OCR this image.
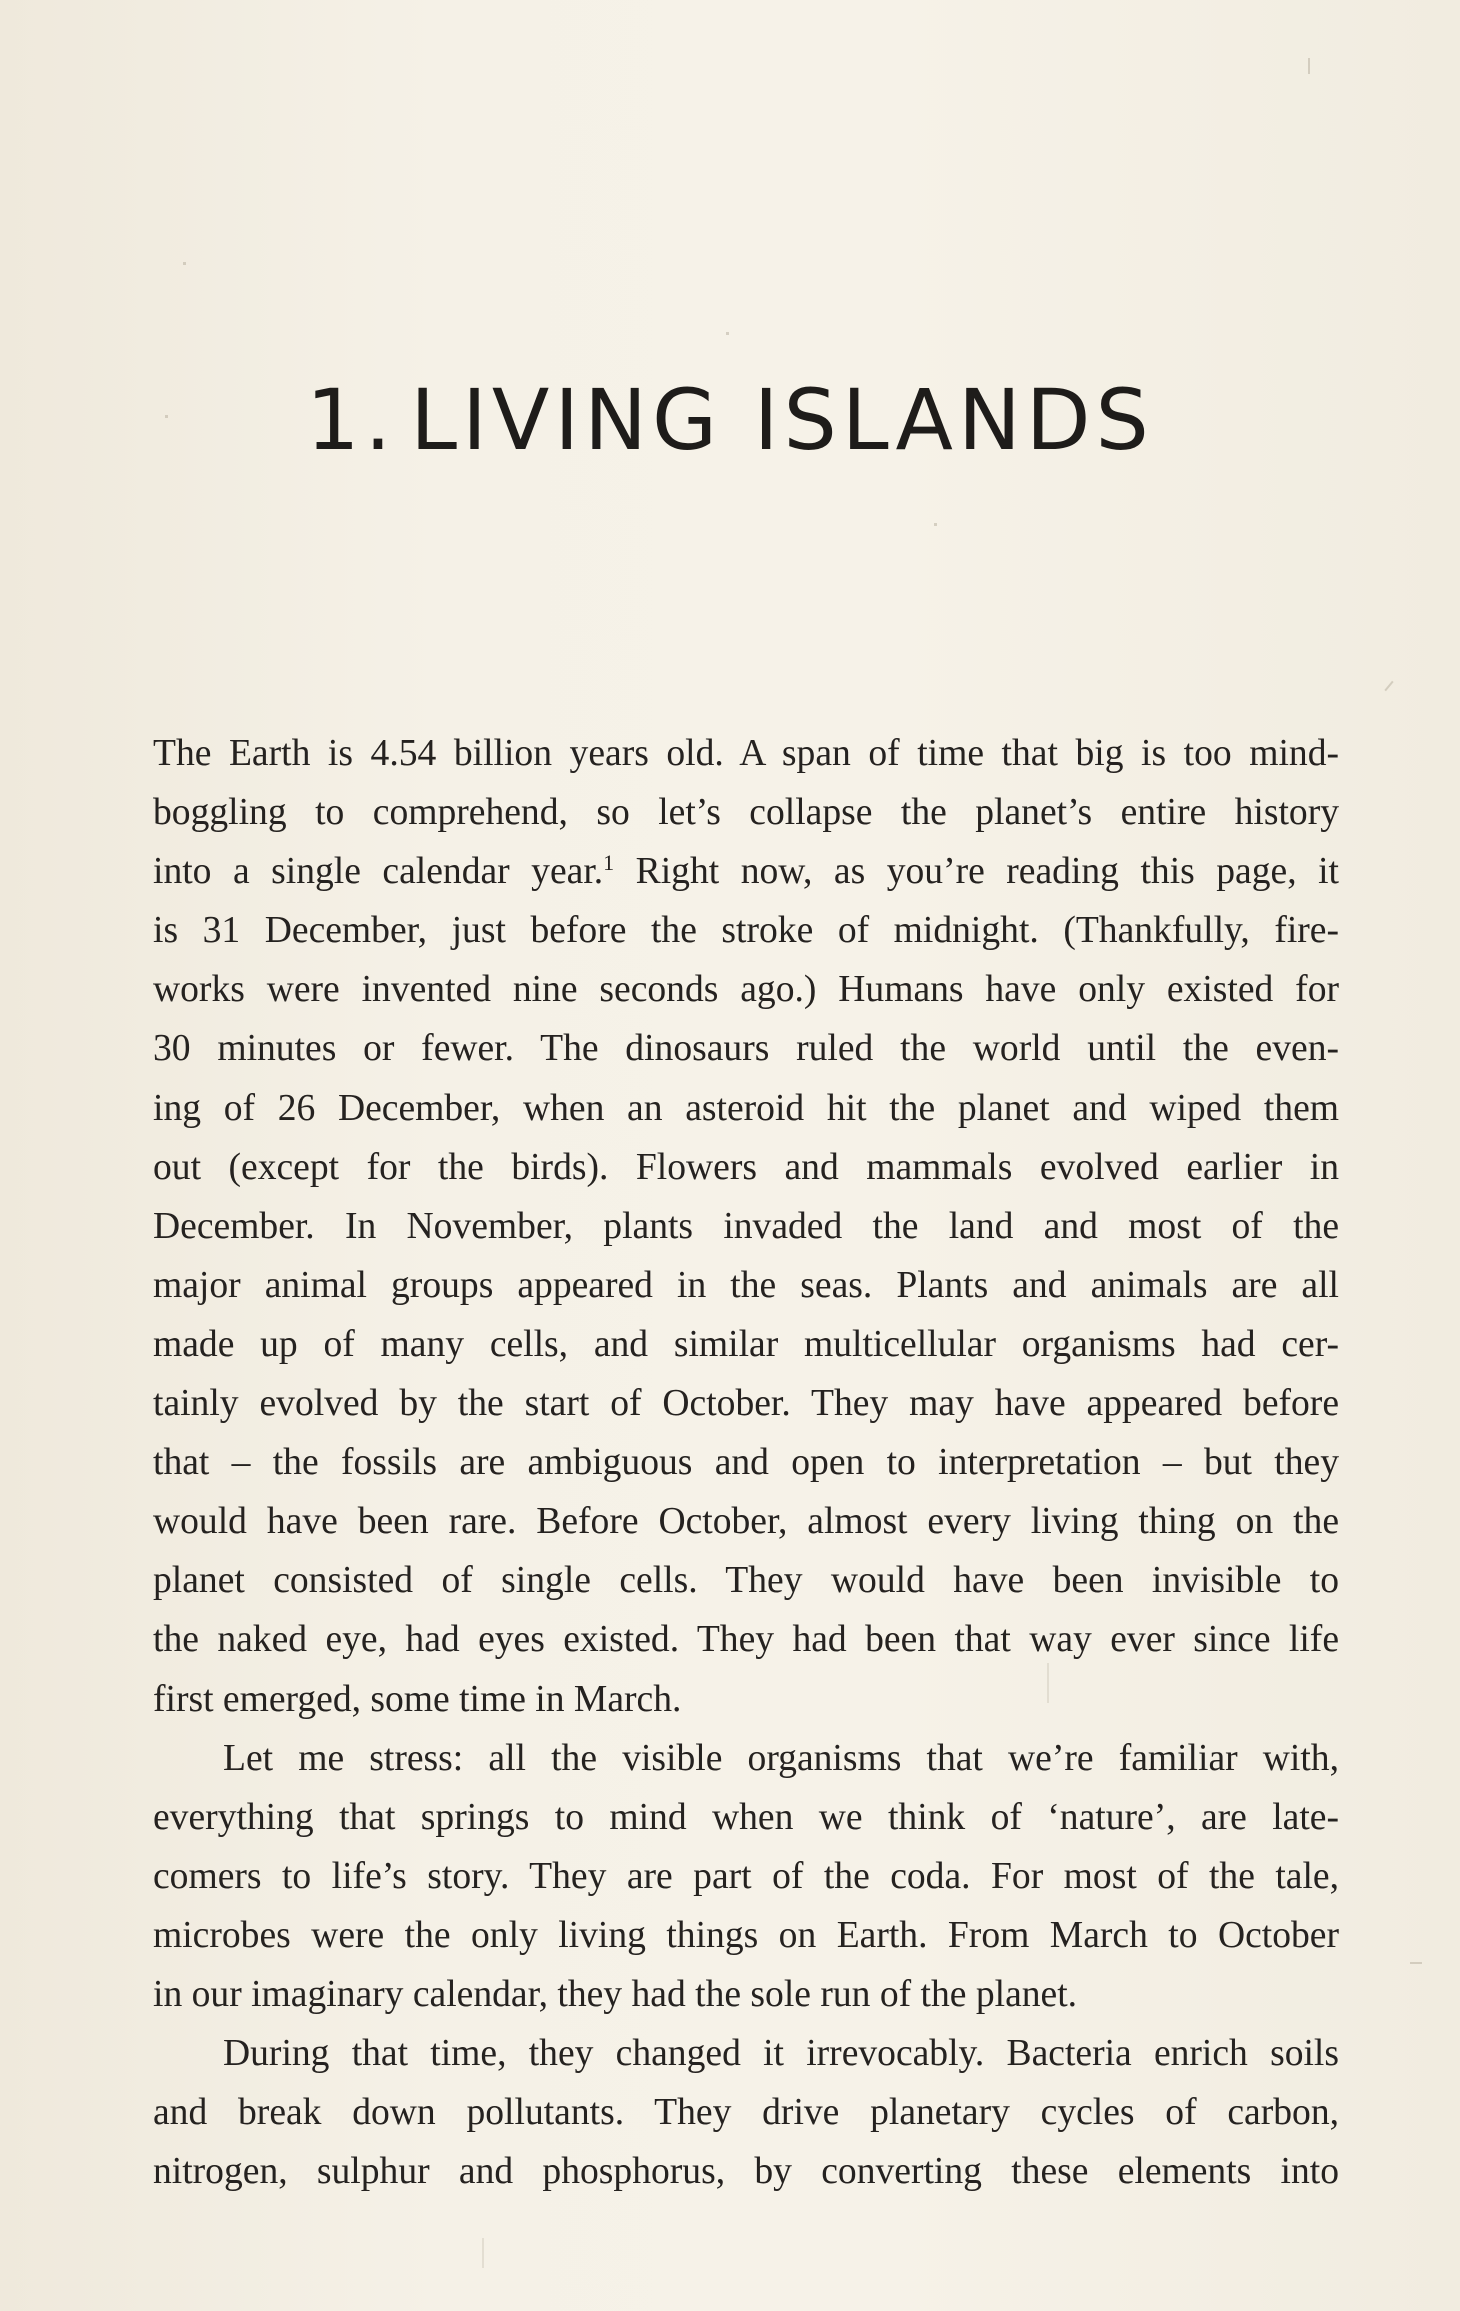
1. LIVING ISLANDS
The Earth is 4.54 billion years old. A span of time that big is too mind-
boggling to comprehend, so let’s collapse the planet’s entire history
into a single calendar year.$^1$ Right now, as you’re reading this page, it
is 31 December, just before the stroke of midnight. (Thankfully, fire-
works were invented nine seconds ago.) Humans have only existed for
30 minutes or fewer. The dinosaurs ruled the world until the even-
ing of 26 December, when an asteroid hit the planet and wiped them
out (except for the birds). Flowers and mammals evolved earlier in
December. In November, plants invaded the land and most of the
major animal groups appeared in the seas. Plants and animals are all
made up of many cells, and similar multicellular organisms had cer-
tainly evolved by the start of October. They may have appeared before
that – the fossils are ambiguous and open to interpretation – but they
would have been rare. Before October, almost every living thing on the
planet consisted of single cells. They would have been invisible to
the naked eye, had eyes existed. They had been that way ever since life
first emerged, some time in March.
Let me stress: all the visible organisms that we’re familiar with,
everything that springs to mind when we think of ‘nature’, are late-
comers to life’s story. They are part of the coda. For most of the tale,
microbes were the only living things on Earth. From March to October
in our imaginary calendar, they had the sole run of the planet.
During that time, they changed it irrevocably. Bacteria enrich soils
and break down pollutants. They drive planetary cycles of carbon,
nitrogen, sulphur and phosphorus, by converting these elements into
